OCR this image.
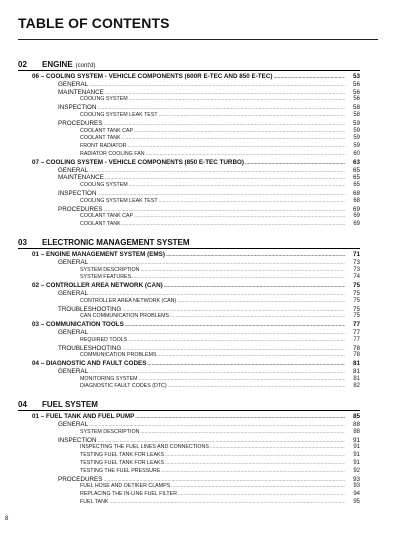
TABLE OF CONTENTS
02	ENGINE (cont'd)
06 – COOLING SYSTEM - VEHICLE COMPONENTS (600R E-TEC AND 850 E-TEC) .....	53
GENERAL .....	56
MAINTENANCE .....	56
COOLING SYSTEM .....	56
INSPECTION .....	58
COOLING SYSTEM LEAK TEST .....	58
PROCEDURES .....	59
COOLANT TANK CAP .....	59
COOLANT TANK .....	59
FRONT RADIATOR .....	59
RADIATOR COOLING FAN .....	60
07 – COOLING SYSTEM - VEHICLE COMPONENTS (850 E-TEC TURBO) .....	63
GENERAL .....	65
MAINTENANCE .....	65
COOLING SYSTEM .....	65
INSPECTION .....	68
COOLING SYSTEM LEAK TEST .....	68
PROCEDURES .....	69
COOLANT TANK CAP .....	69
COOLANT TANK .....	69
03	ELECTRONIC MANAGEMENT SYSTEM
01 – ENGINE MANAGEMENT SYSTEM (EMS) .....	71
GENERAL .....	73
SYSTEM DESCRIPTION .....	73
SYSTEM FEATURES .....	74
02 – CONTROLLER AREA NETWORK (CAN) .....	75
GENERAL .....	75
CONTROLLER AREA NETWORK (CAN) .....	75
TROUBLESHOOTING .....	75
CAN COMMUNICATION PROBLEMS .....	75
03 – COMMUNICATION TOOLS .....	77
GENERAL .....	77
REQUIRED TOOLS .....	77
TROUBLESHOOTING .....	78
COMMUNICATION PROBLEMS .....	78
04 – DIAGNOSTIC AND FAULT CODES .....	81
GENERAL .....	81
MONITORING SYSTEM .....	81
DIAGNOSTIC FAULT CODES (DTC) .....	82
04	FUEL SYSTEM
01 – FUEL TANK AND FUEL PUMP .....	85
GENERAL .....	88
SYSTEM DESCRIPTION .....	88
INSPECTION .....	91
INSPECTING THE FUEL LINES AND CONNECTIONS .....	91
TESTING FUEL TANK FOR LEAKS .....	91
TESTING FUEL TANK FOR LEAKS .....	91
TESTING THE FUEL PRESSURE .....	92
PROCEDURES .....	93
FUEL HOSE AND OETIKER CLAMPS .....	93
REPLACING THE IN-LINE FUEL FILTER .....	94
FUEL TANK .....	95
8
